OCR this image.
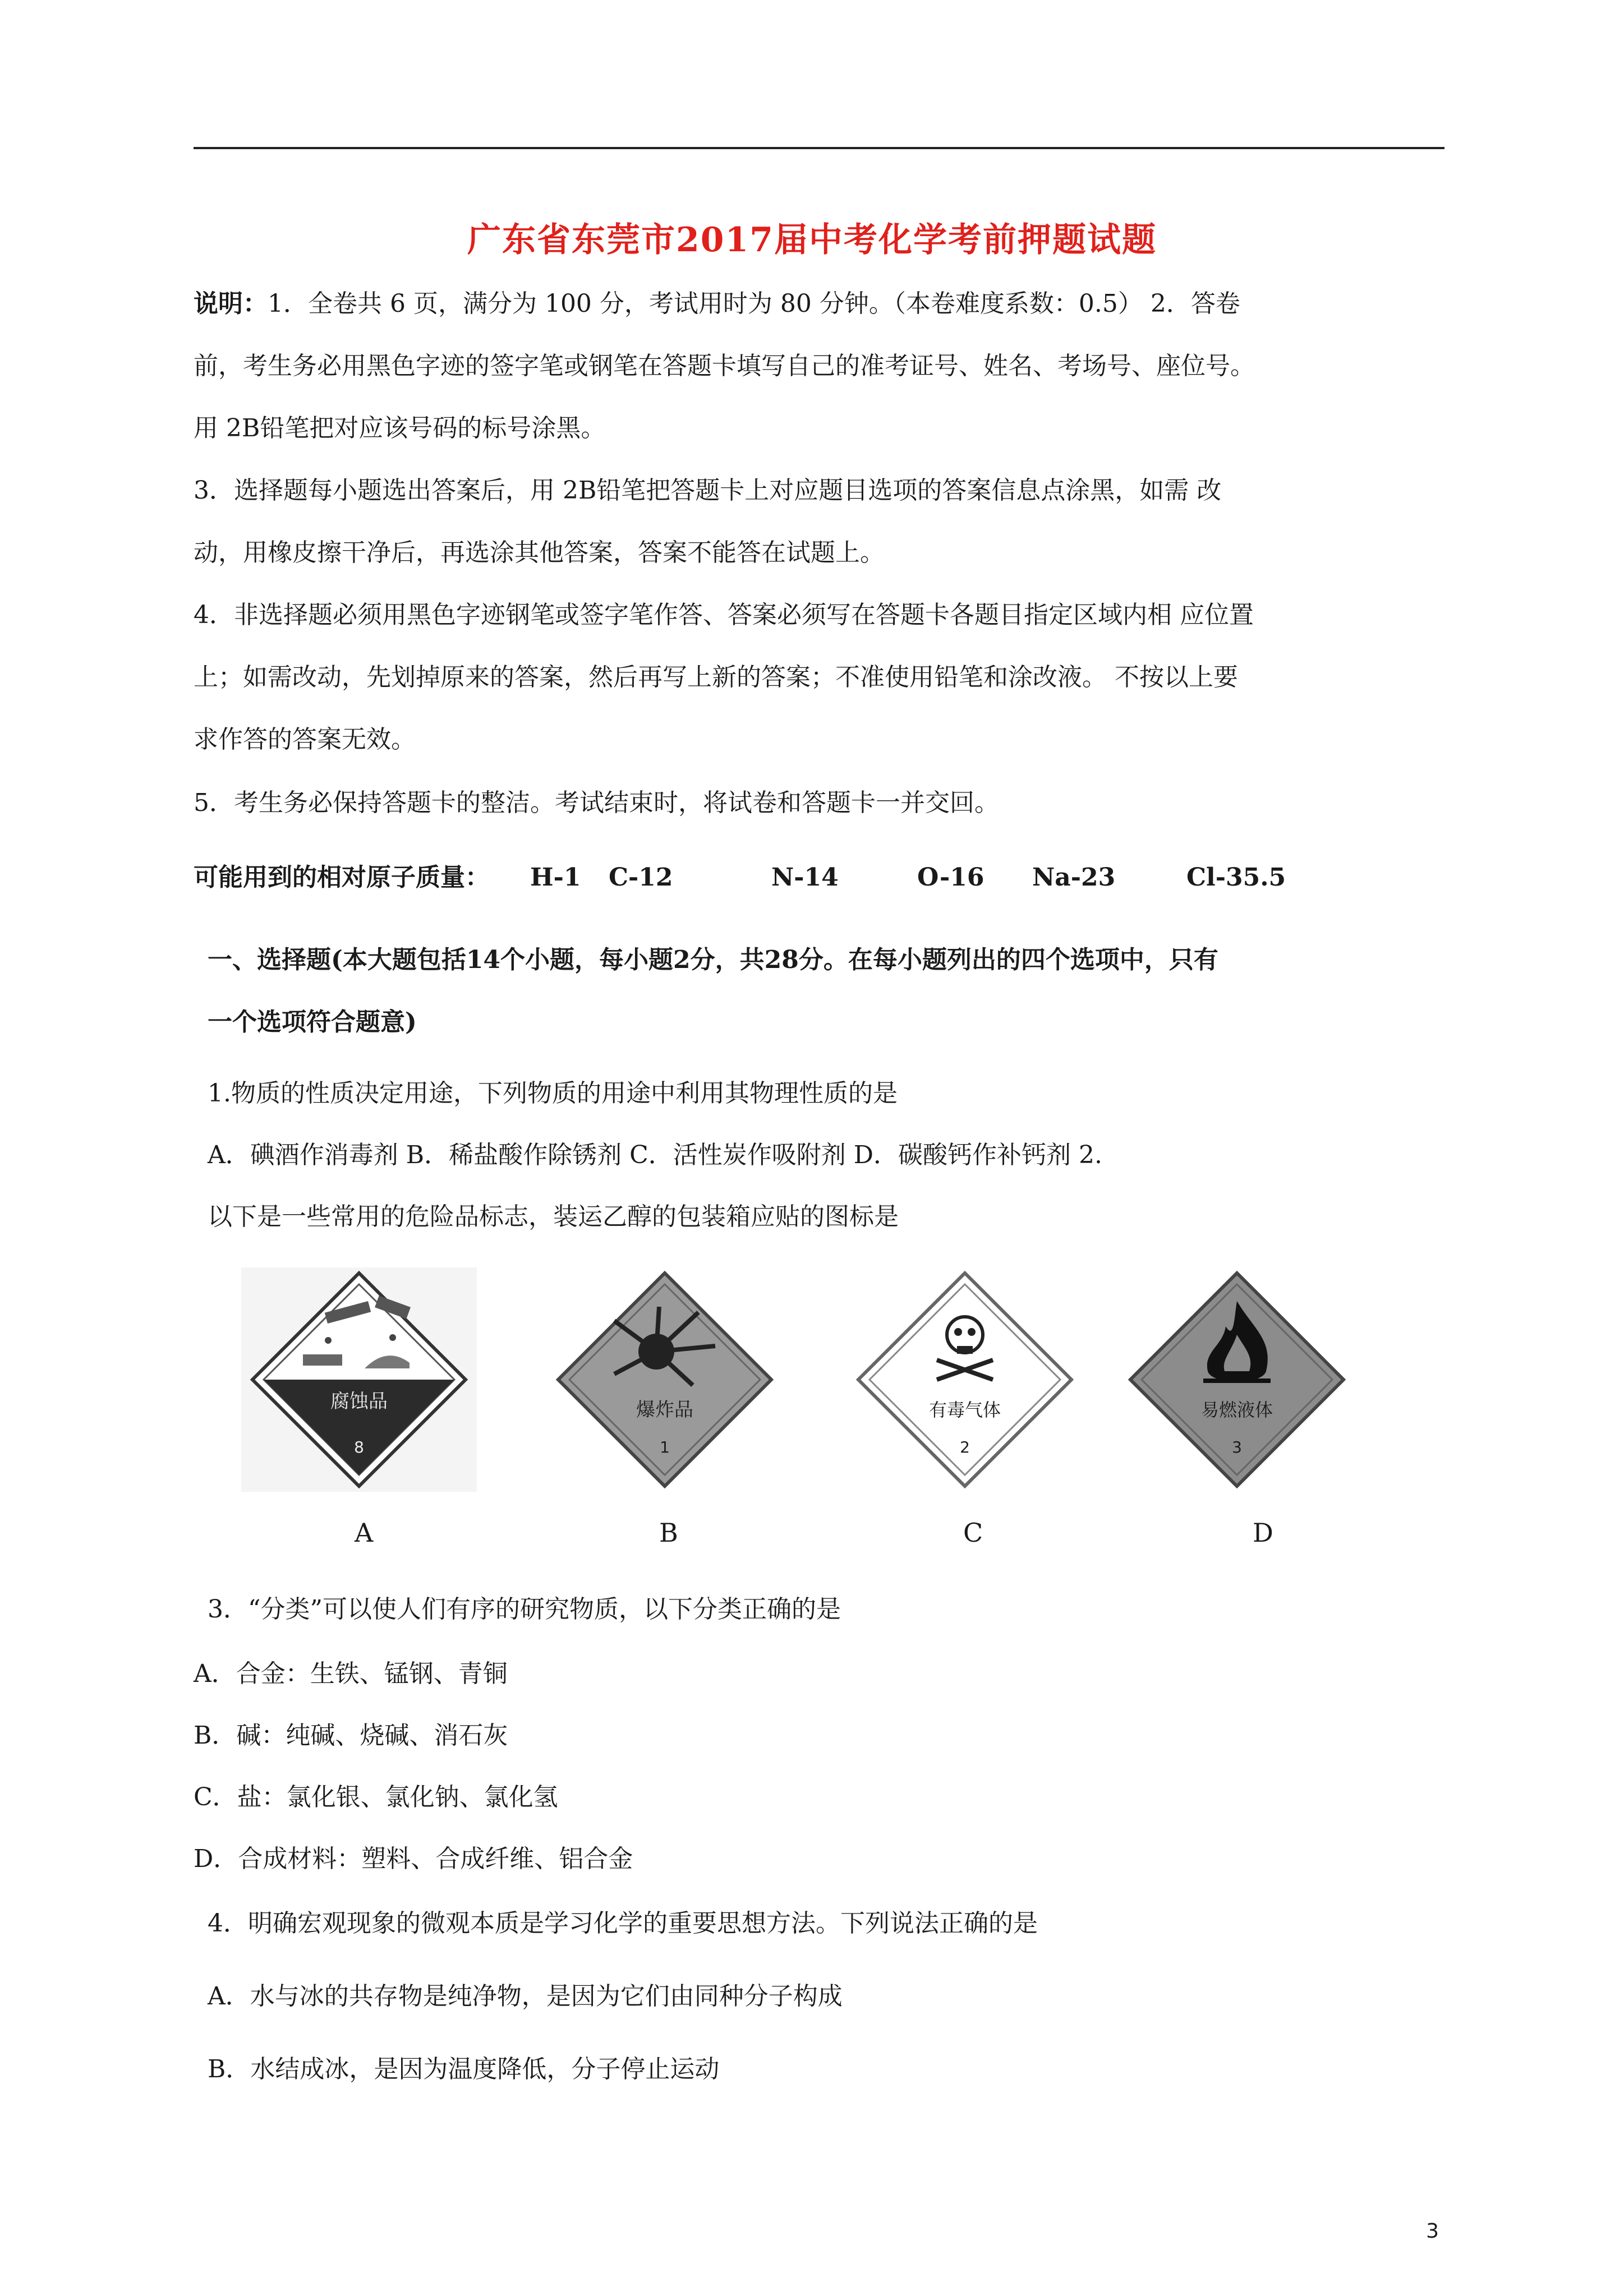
广东省东莞市2017届中考化学考前押题试题
说明：1．全卷共 6 页，满分为 100 分，考试用时为 80 分钟。（本卷难度系数：0.5） 2．答卷
前，考生务必用黑色字迹的签字笔或钢笔在答题卡填写自己的准考证号、姓名、考场号、座位号。
用 2B铅笔把对应该号码的标号涂黑。
3．选择题每小题选出答案后，用 2B铅笔把答题卡上对应题目选项的答案信息点涂黑，如需 改
动，用橡皮擦干净后，再选涂其他答案，答案不能答在试题上。
4．非选择题必须用黑色字迹钢笔或签字笔作答、答案必须写在答题卡各题目指定区域内相 应位置
上；如需改动，先划掉原来的答案，然后再写上新的答案；不准使用铅笔和涂改液。 不按以上要
求作答的答案无效。
5．考生务必保持答题卡的整洁。考试结束时，将试卷和答题卡一并交回。
可能用到的相对原子质量： H-1 C-12	N-14	O-16 Na-23	Cl-35.5
一、选择题(本大题包括14个小题，每小题2分，共28分。在每小题列出的四个选项中，只有
一个选项符合题意)
1.物质的性质决定用途，下列物质的用途中利用其物理性质的是
A．碘酒作消毒剂 B．稀盐酸作除锈剂 C．活性炭作吸附剂 D．碳酸钙作补钙剂 2.
以下是一些常用的危险品标志，装运乙醇的包装箱应贴的图标是
腐蚀品
8
爆炸品
1
有毒气体
2
易燃液体
3
A	B	C	D
3．“分类”可以使人们有序的研究物质，以下分类正确的是
A．合金：生铁、锰钢、青铜
B．碱：纯碱、烧碱、消石灰
C．盐：氯化银、氯化钠、氯化氢
D．合成材料：塑料、合成纤维、铝合金
4．明确宏观现象的微观本质是学习化学的重要思想方法。下列说法正确的是
A．水与冰的共存物是纯净物，是因为它们由同种分子构成
B．水结成冰，是因为温度降低，分子停止运动
3
